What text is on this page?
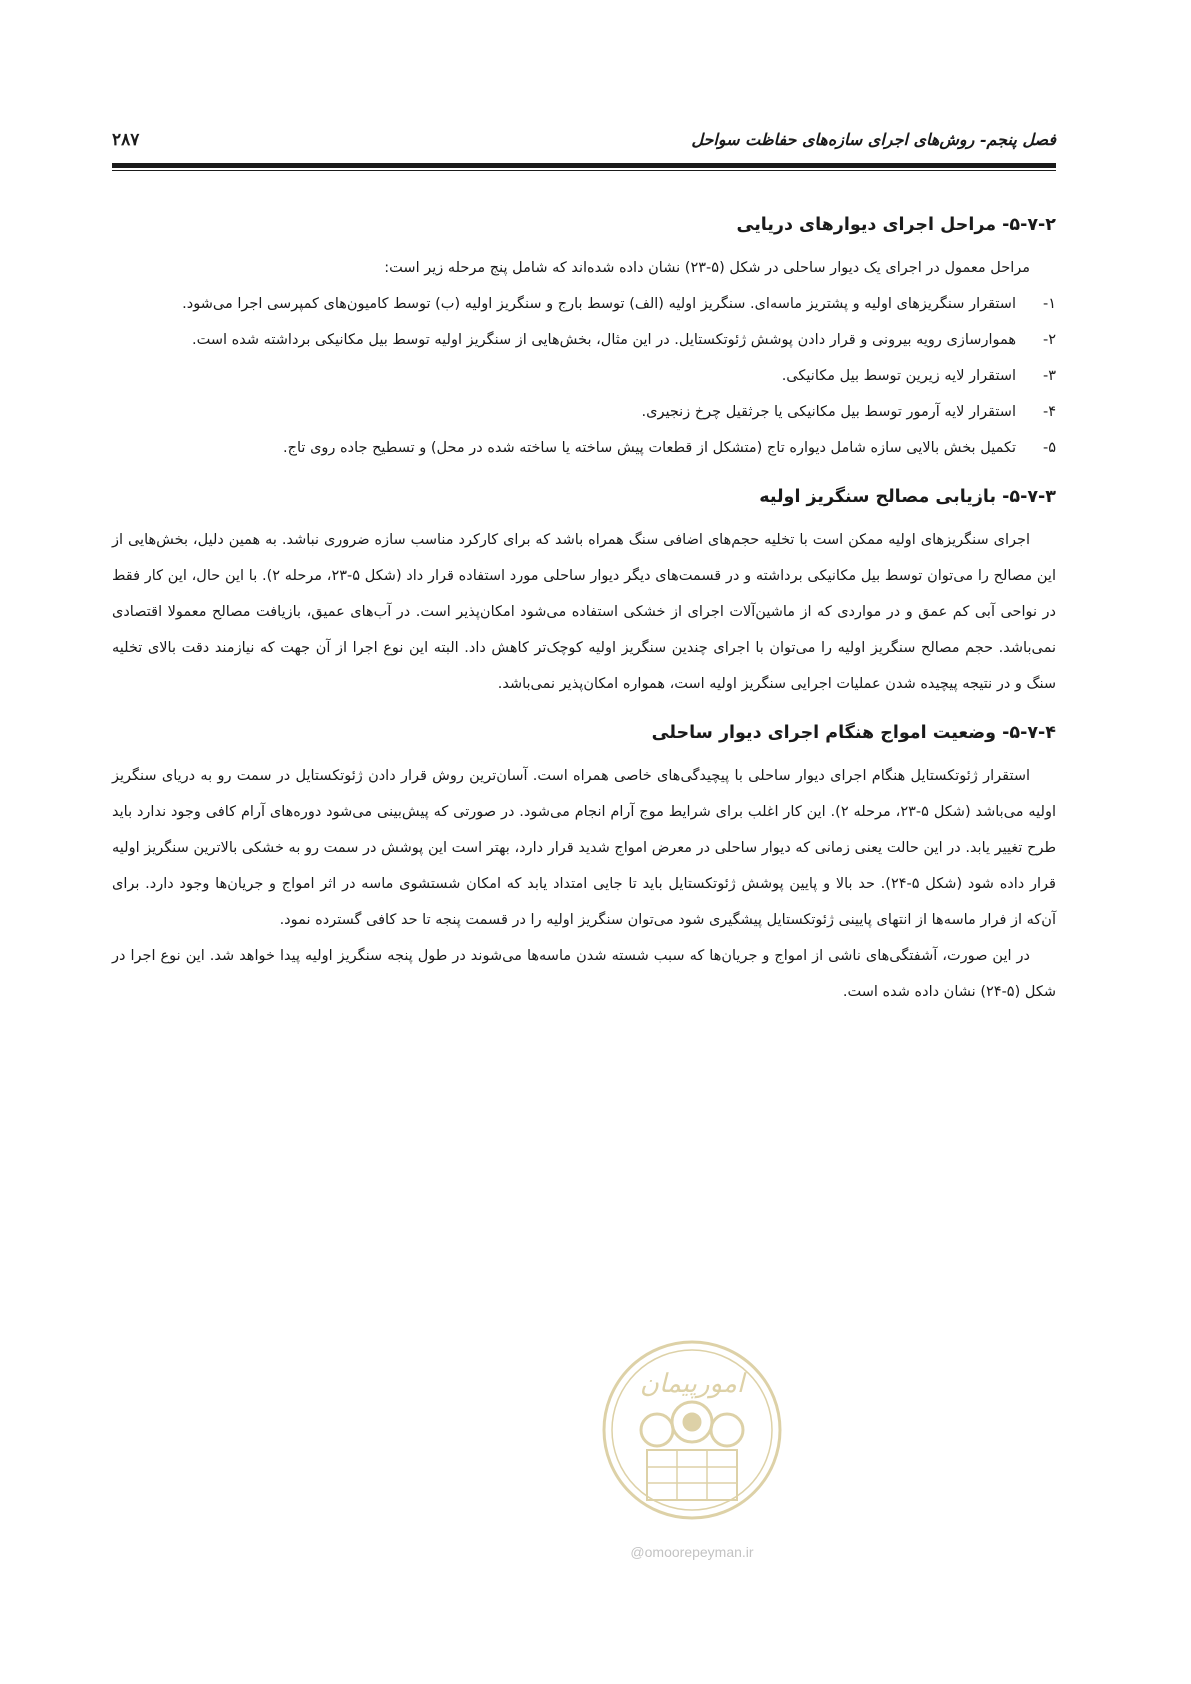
فصل پنجم- روش‌های اجرای سازه‌های حفاظت سواحل
۲۸۷
۵-۷-۲- مراحل اجرای دیوارهای دریایی

مراحل معمول در اجرای یک دیوار ساحلی در شکل (۵-۲۳) نشان داده شده‌اند که شامل پنج مرحله زیر است:

۱-
استقرار سنگریزهای اولیه و پشتریز ماسه‌ای. سنگریز اولیه (الف) توسط بارج و سنگریز اولیه (ب) توسط کامیون‌های کمپرسی اجرا می‌شود.
۲-
هموارسازی رویه بیرونی و قرار دادن پوشش ژئوتکستایل. در این مثال، بخش‌هایی از سنگریز اولیه توسط بیل مکانیکی برداشته شده است.
۳-
استقرار لایه زیرین توسط بیل مکانیکی.
۴-
استقرار لایه آرمور توسط بیل مکانیکی یا جرثقیل چرخ زنجیری.
۵-
تکمیل بخش بالایی سازه شامل دیواره تاج (متشکل از قطعات پیش ساخته یا ساخته شده در محل) و تسطیح جاده روی تاج.
۵-۷-۳- بازیابی مصالح سنگریز اولیه

اجرای سنگریزهای اولیه ممکن است با تخلیه حجم‌های اضافی سنگ همراه باشد که برای کارکرد مناسب سازه ضروری نباشد. به همین دلیل، بخش‌هایی از این مصالح را می‌توان توسط بیل مکانیکی برداشته و در قسمت‌های دیگر دیوار ساحلی مورد استفاده قرار داد (شکل ۵-۲۳، مرحله ۲). با این حال، این کار فقط در نواحی آبی کم عمق و در مواردی که از ماشین‌آلات اجرای از خشکی استفاده می‌شود امکان‌پذیر است. در آب‌های عمیق، بازیافت مصالح معمولا اقتصادی نمی‌باشد. حجم مصالح سنگریز اولیه را می‌توان با اجرای چندین سنگریز اولیه کوچک‌تر کاهش داد. البته این نوع اجرا از آن جهت که نیازمند دقت بالای تخلیه سنگ و در نتیجه پیچیده شدن عملیات اجرایی سنگریز اولیه است، همواره امکان‌پذیر نمی‌باشد.

۵-۷-۴- وضعیت امواج هنگام اجرای دیوار ساحلی

استقرار ژئوتکستایل هنگام اجرای دیوار ساحلی با پیچیدگی‌های خاصی همراه است. آسان‌ترین روش قرار دادن ژئوتکستایل در سمت رو به دریای سنگریز اولیه می‌باشد (شکل ۵-۲۳، مرحله ۲). این کار اغلب برای شرایط موج آرام انجام می‌شود. در صورتی که پیش‌بینی می‌شود دوره‌های آرام کافی وجود ندارد باید طرح تغییر یابد. در این حالت یعنی زمانی که دیوار ساحلی در معرض امواج شدید قرار دارد، بهتر است این پوشش در سمت رو به خشکی بالاترین سنگریز اولیه قرار داده شود (شکل ۵-۲۴). حد بالا و پایین پوشش ژئوتکستایل باید تا جایی امتداد یابد که امکان شستشوی ماسه در اثر امواج و جریان‌ها وجود دارد. برای آن‌که از فرار ماسه‌ها از انتهای پایینی ژئوتکستایل پیشگیری شود می‌توان سنگریز اولیه را در قسمت پنجه تا حد کافی گسترده نمود.

در این صورت، آشفتگی‌های ناشی از امواج و جریان‌ها که سبب شسته شدن ماسه‌ها می‌شوند در طول پنجه سنگریز اولیه پیدا خواهد شد. این نوع اجرا در شکل (۵-۲۴) نشان داده شده است.

امورپیمان
@omoorepeyman.ir
